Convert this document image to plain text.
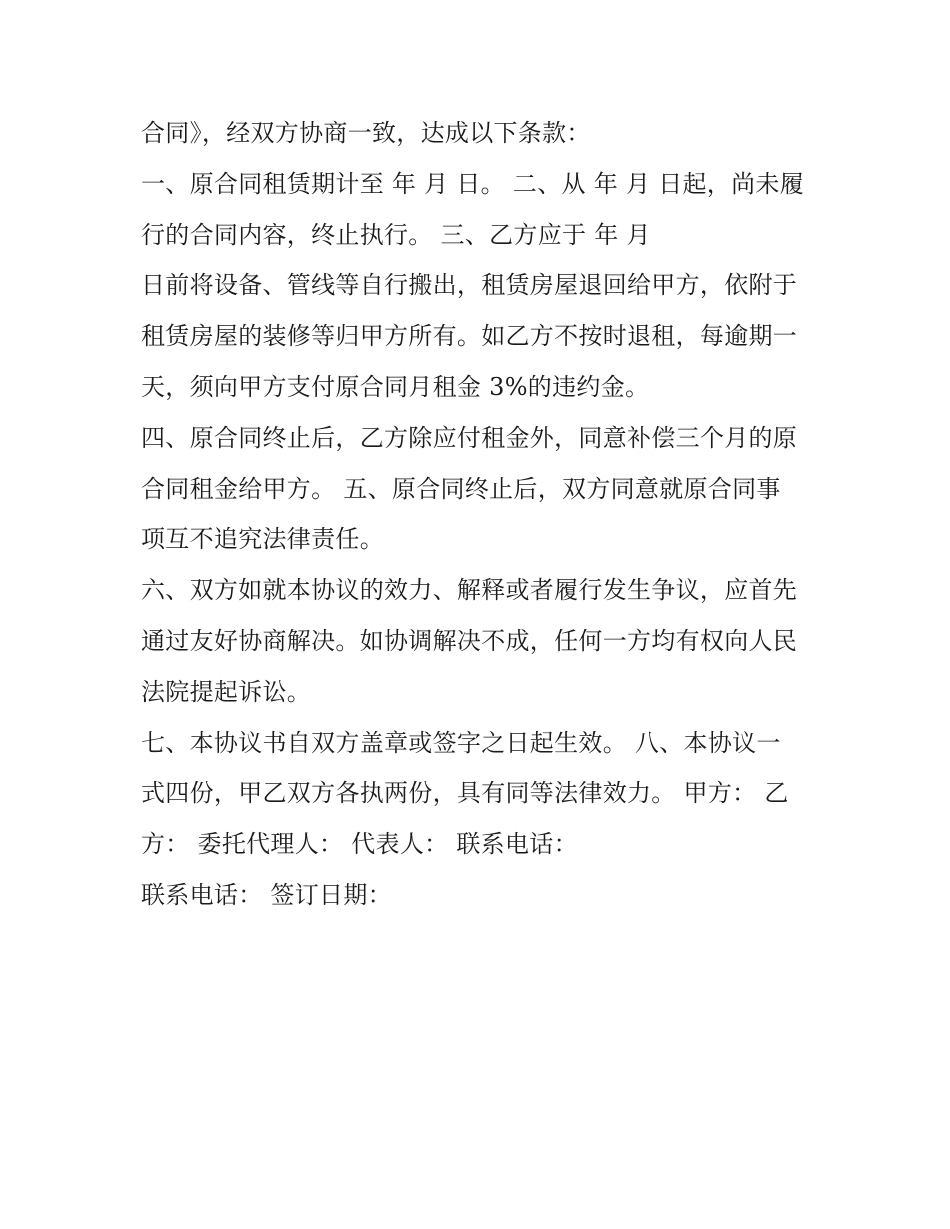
合同》，经双方协商一致，达成以下条款：
一、原合同租赁期计至 年 月 日。 二、从 年 月 日起，尚未履
行的合同内容，终止执行。 三、乙方应于 年 月
日前将设备、管线等自行搬出，租赁房屋退回给甲方，依附于
租赁房屋的装修等归甲方所有。如乙方不按时退租，每逾期一
天，须向甲方支付原合同月租金 3%的违约金。
四、原合同终止后，乙方除应付租金外，同意补偿三个月的原
合同租金给甲方。 五、原合同终止后，双方同意就原合同事
项互不追究法律责任。
六、双方如就本协议的效力、解释或者履行发生争议，应首先
通过友好协商解决。如协调解决不成，任何一方均有权向人民
法院提起诉讼。
七、本协议书自双方盖章或签字之日起生效。 八、本协议一
式四份，甲乙双方各执两份，具有同等法律效力。 甲方： 乙
方： 委托代理人： 代表人： 联系电话：
联系电话： 签订日期：
